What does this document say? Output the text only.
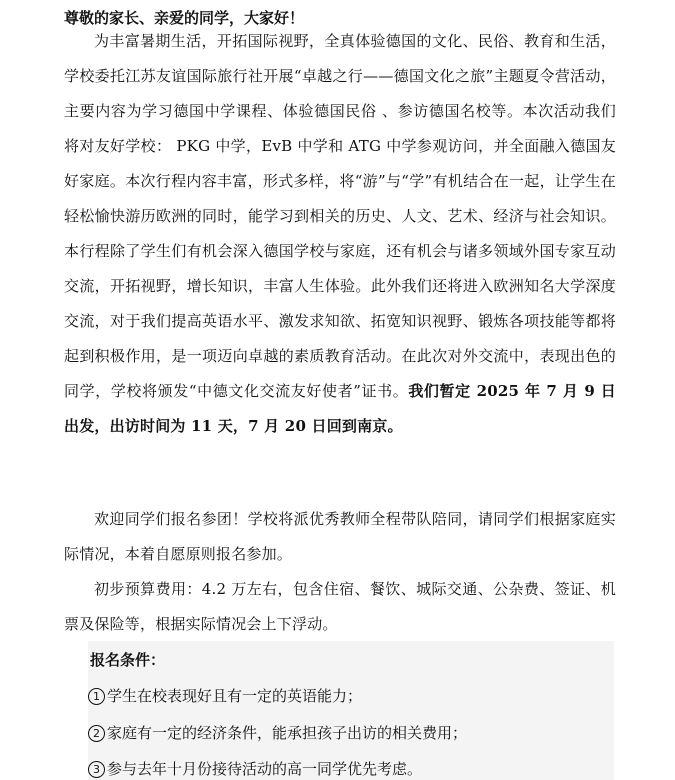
尊敬的家长、亲爱的同学，大家好！

为丰富暑期生活，开拓国际视野，全真体验德国的文化、民俗、教育和生活，学校委托江苏友谊国际旅行社开展“卓越之行——德国文化之旅”主题夏令营活动，主要内容为学习德国中学课程、体验德国民俗 、参访德国名校等。本次活动我们将对友好学校： PKG 中学，EvB 中学和 ATG 中学参观访问，并全面融入德国友好家庭。本次行程内容丰富，形式多样，将“游”与“学”有机结合在一起，让学生在轻松愉快游历欧洲的同时，能学习到相关的历史、人文、艺术、经济与社会知识。本行程除了学生们有机会深入德国学校与家庭，还有机会与诸多领域外国专家互动交流，开拓视野，增长知识，丰富人生体验。此外我们还将进入欧洲知名大学深度交流，对于我们提高英语水平、激发求知欲、拓宽知识视野、锻炼各项技能等都将起到积极作用，是一项迈向卓越的素质教育活动。在此次对外交流中，表现出色的同学，学校将颁发“中德文化交流友好使者”证书。我们暂定 2025 年 7 月 9 日出发，出访时间为 11 天，7 月 20 日回到南京。

欢迎同学们报名参团！学校将派优秀教师全程带队陪同，请同学们根据家庭实际情况，本着自愿原则报名参加。

初步预算费用：4.2 万左右，包含住宿、餐饮、城际交通、公杂费、签证、机票及保险等，根据实际情况会上下浮动。

报名条件：
1 学生在校表现好且有一定的英语能力；
2 家庭有一定的经济条件，能承担孩子出访的相关费用；
3 参与去年十月份接待活动的高一同学优先考虑。
